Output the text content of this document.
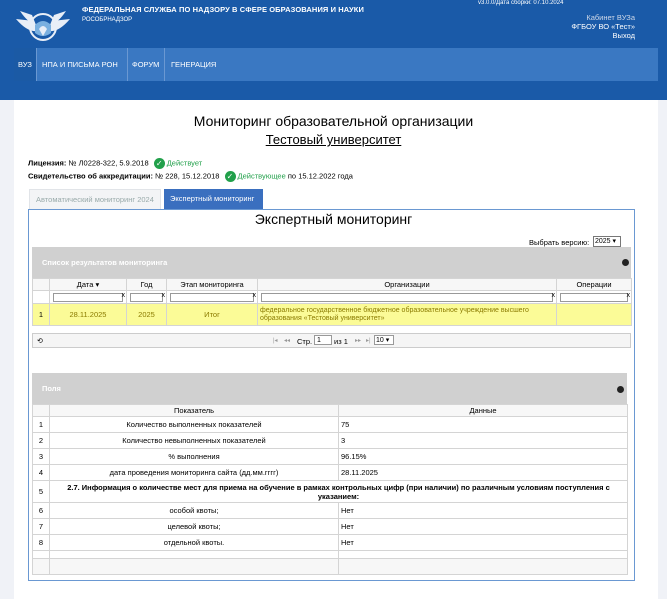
ФЕДЕРАЛЬНАЯ СЛУЖБА ПО НАДЗОРУ В СФЕРЕ ОБРАЗОВАНИЯ И НАУКИ
РОСОБРНАДЗОР
v3.0.0/Дата сборки: 07.10.2024
Кабинет ВУЗа
ФГБОУ ВО «Тест»
Выход
ВУЗ	НПА И ПИСЬМА РОН	ФОРУМ	ГЕНЕРАЦИЯ
Мониторинг образовательной организации
Тестовый университет
Лицензия: № Л0228-322, 5.9.2018 ✓ Действует
Свидетельство об аккредитации: № 228, 15.12.2018 ✓ Действующее по 15.12.2022 года
Автоматический мониторинг 2024	Экспертный мониторинг
Экспертный мониторинг
Выбрать версию: 2025 ▾
Список результатов мониторинга
	Дата ▾	Год	Этап мониторинга	Организации	Операции

	x	x	x	x	x

1	28.11.2025	2025	Итог	федеральное государственное бюджетное образовательное учреждение высшего образования «Тестовый университет»	
⟲	|◂ ◂◂ Стр. 1	из 1 ▸▸ ▸| 10 ▾
Поля
	Показатель	Данные
1	Количество выполненных показателей	75
2	Количество невыполненных показателей	3
3	% выполнения	96.15%
4	дата проведения мониторинга сайта (дд.мм.гггг)	28.11.2025
5	2.7. Информация о количестве мест для приема на обучение в рамках контрольных цифр (при наличии) по различным условиям поступления с указанием:	
6	особой квоты;	Нет
7	целевой квоты;	Нет
8	отдельной квоты.	Нет
